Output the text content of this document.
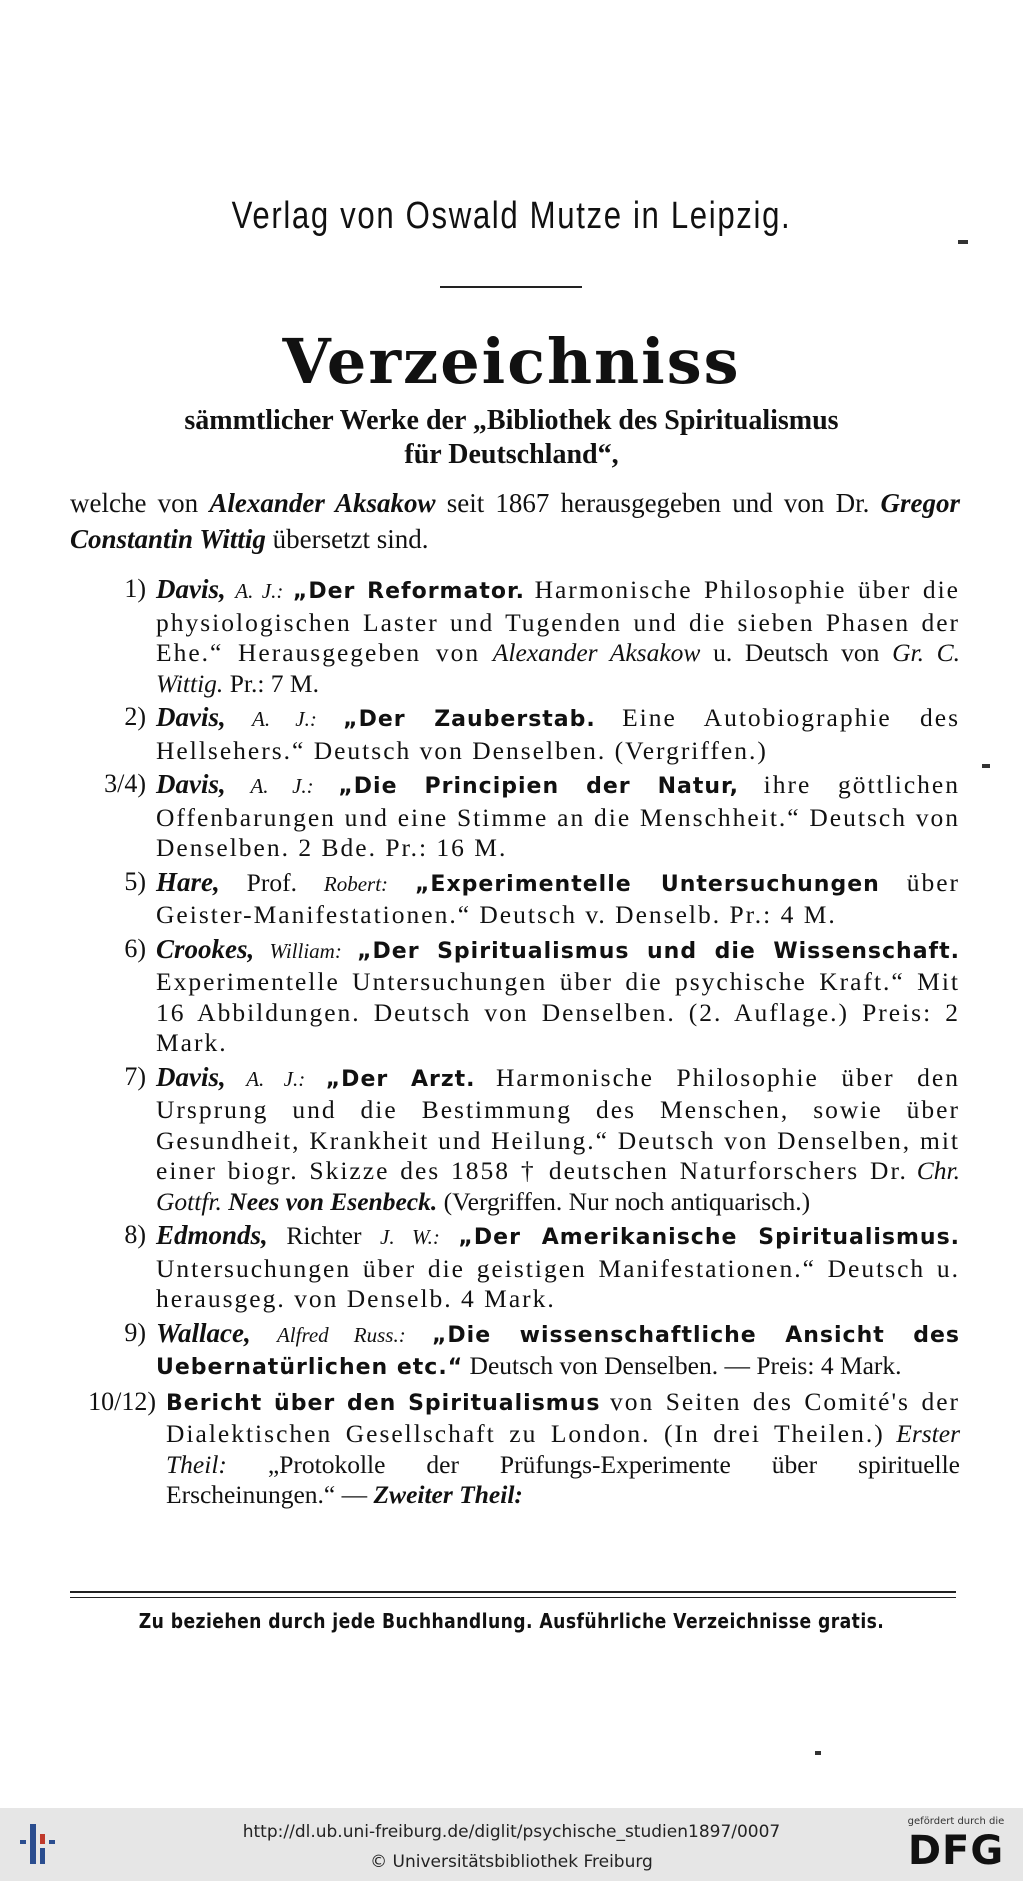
Verlag von Oswald Mutze in Leipzig.
Verzeichniss
sämmtlicher Werke der „Bibliothek des Spiritualismus
für Deutschland“,
welche von Alexander Aksakow seit 1867 herausgegeben und von Dr. Gregor Constantin Wittig übersetzt sind.
1) Davis, A. J.: „Der Reformator. Harmonische Philosophie über die physiologischen Laster und Tugenden und die sieben Phasen der Ehe.“ Herausgegeben von Alexander Aksakow u. Deutsch von Gr. C. Wittig. Pr.: 7 M.
2) Davis, A. J.: „Der Zauberstab. Eine Autobiographie des Hellsehers.“ Deutsch von Denselben. (Vergriffen.)
3/4) Davis, A. J.: „Die Principien der Natur, ihre göttlichen Offenbarungen und eine Stimme an die Menschheit.“ Deutsch von Denselben. 2 Bde. Pr.: 16 M.
5) Hare, Prof. Robert: „Experimentelle Untersuchungen über Geister-Manifestationen.“ Deutsch v. Denselb. Pr.: 4 M.
6) Crookes, William: „Der Spiritualismus und die Wissenschaft. Experimentelle Untersuchungen über die psychische Kraft.“ Mit 16 Abbildungen. Deutsch von Denselben. (2. Auflage.) Preis: 2 Mark.
7) Davis, A. J.: „Der Arzt. Harmonische Philosophie über den Ursprung und die Bestimmung des Menschen, sowie über Gesundheit, Krankheit und Heilung.“ Deutsch von Denselben, mit einer biogr. Skizze des 1858 † deutschen Naturforschers Dr. Chr. Gottfr. Nees von Esenbeck. (Vergriffen. Nur noch antiquarisch.)
8) Edmonds, Richter J. W.: „Der Amerikanische Spiritualismus. Untersuchungen über die geistigen Manifestationen.“ Deutsch u. herausgeg. von Denselb. 4 Mark.
9) Wallace, Alfred Russ.: „Die wissenschaftliche Ansicht des Uebernatürlichen etc.“ Deutsch von Denselben. — Preis: 4 Mark.
10/12) Bericht über den Spiritualismus von Seiten des Comité's der Dialektischen Gesellschaft zu London. (In drei Theilen.) Erster Theil: „Protokolle der Prüfungs-Experimente über spirituelle Erscheinungen.“ — Zweiter Theil:
Zu beziehen durch jede Buchhandlung. Ausführliche Verzeichnisse gratis.
http://dl.ub.uni-freiburg.de/diglit/psychische_studien1897/0007
© Universitätsbibliothek Freiburg
gefördert durch die
DFG
